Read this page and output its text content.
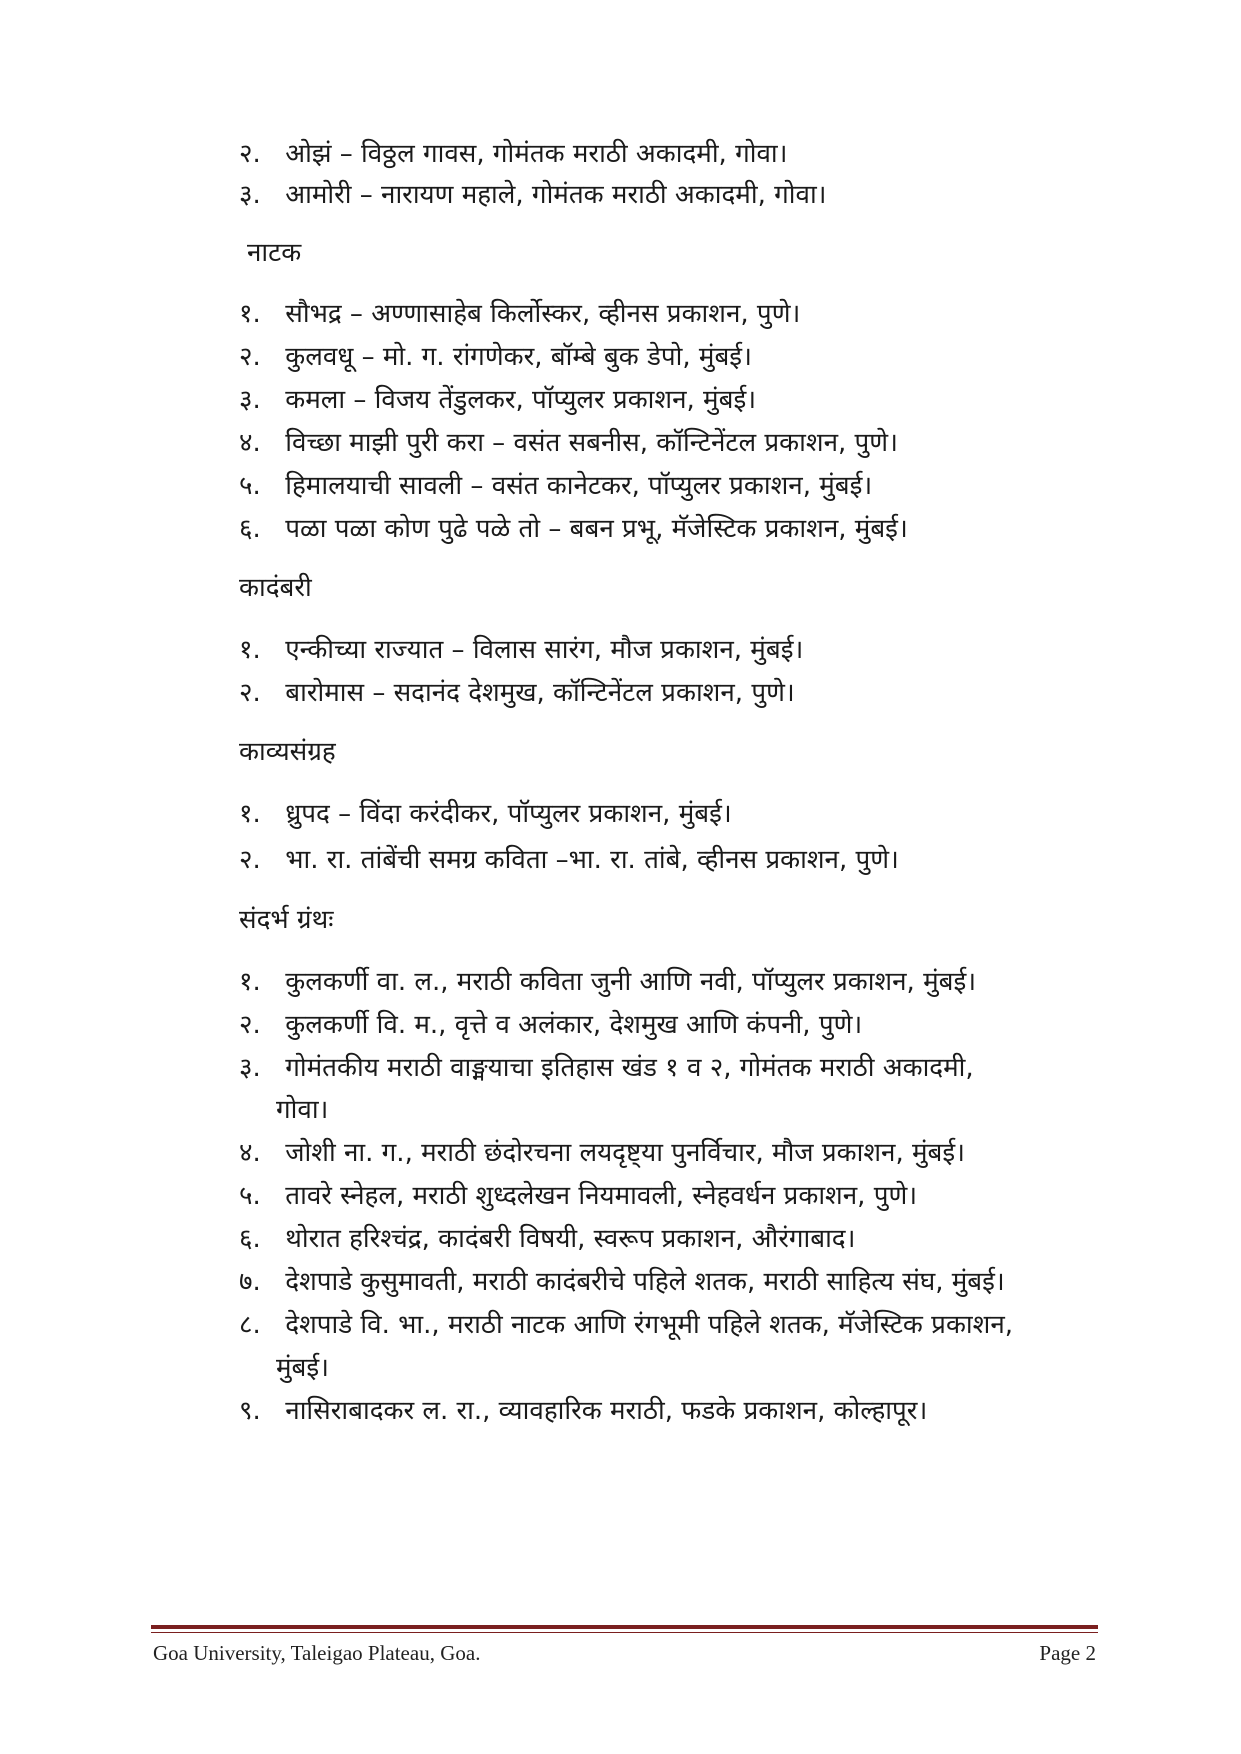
२. ओझं – विठ्ठल गावस, गोमंतक मराठी अकादमी, गोवा।
३. आमोरी – नारायण महाले, गोमंतक मराठी अकादमी, गोवा।
नाटक
१. सौभद्र – अण्णासाहेब किर्लोस्कर, व्हीनस प्रकाशन, पुणे।
२. कुलवधू – मो. ग. रांगणेकर, बॉम्बे बुक डेपो, मुंबई।
३. कमला – विजय तेंडुलकर, पॉप्युलर प्रकाशन, मुंबई।
४. विच्छा माझी पुरी करा – वसंत सबनीस, कॉन्टिनेंटल प्रकाशन, पुणे।
५. हिमालयाची सावली – वसंत कानेटकर, पॉप्युलर प्रकाशन, मुंबई।
६. पळा पळा कोण पुढे पळे तो – बबन प्रभू, मॅजेस्टिक प्रकाशन, मुंबई।
कादंबरी
१. एन्कीच्या राज्यात – विलास सारंग, मौज प्रकाशन, मुंबई।
२. बारोमास – सदानंद देशमुख, कॉन्टिनेंटल प्रकाशन, पुणे।
काव्यसंग्रह
१. ध्रुपद – विंदा करंदीकर, पॉप्युलर प्रकाशन, मुंबई।
२. भा. रा. तांबेंची समग्र कविता –भा. रा. तांबे, व्हीनस प्रकाशन, पुणे।
संदर्भ ग्रंथः
१. कुलकर्णी वा. ल., मराठी कविता जुनी आणि नवी, पॉप्युलर प्रकाशन, मुंबई।
२. कुलकर्णी वि. म., वृत्ते व अलंकार, देशमुख आणि कंपनी, पुणे।
३. गोमंतकीय मराठी वाङ्मयाचा इतिहास खंड १ व २, गोमंतक मराठी अकादमी,
गोवा।
४. जोशी ना. ग., मराठी छंदोरचना लयदृष्ट्या पुनर्विचार, मौज प्रकाशन, मुंबई।
५. तावरे स्नेहल, मराठी शुध्दलेखन नियमावली, स्नेहवर्धन प्रकाशन, पुणे।
६. थोरात हरिश्चंद्र, कादंबरी विषयी, स्वरूप प्रकाशन, औरंगाबाद।
७. देशपाडे कुसुमावती, मराठी कादंबरीचे पहिले शतक, मराठी साहित्य संघ, मुंबई।
८. देशपाडे वि. भा., मराठी नाटक आणि रंगभूमी पहिले शतक, मॅजेस्टिक प्रकाशन,
मुंबई।
९. नासिराबादकर ल. रा., व्यावहारिक मराठी, फडके प्रकाशन, कोल्हापूर।
Goa University, Taleigao Plateau, Goa.	Page 2
